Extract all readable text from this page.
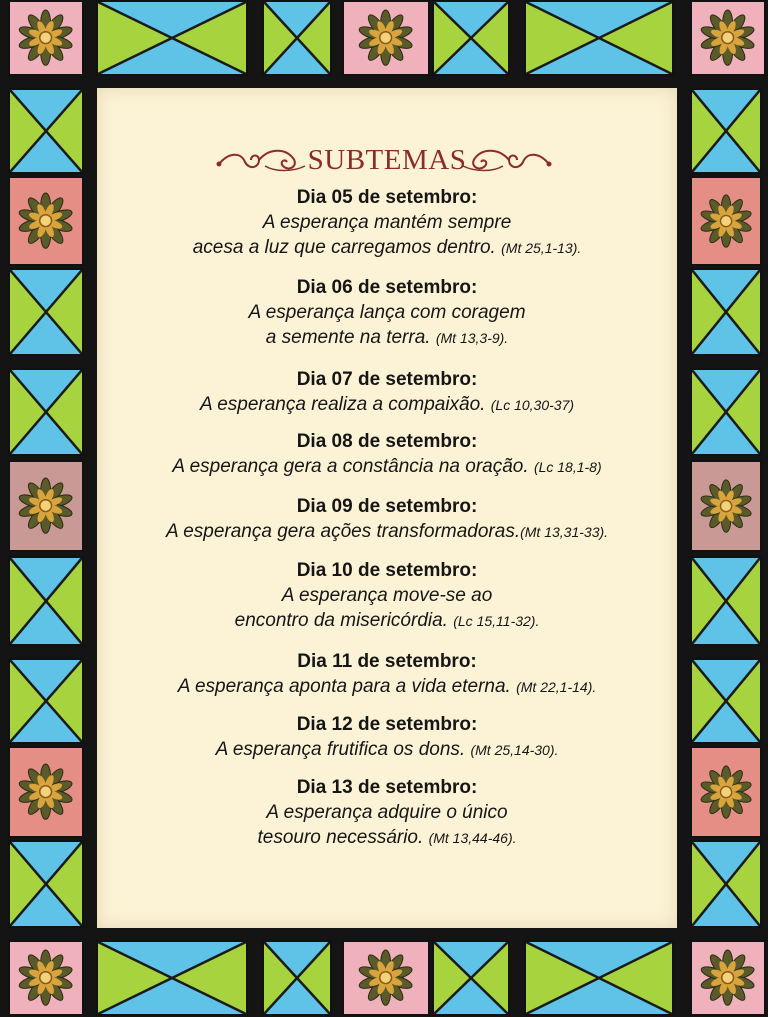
SUBTEMAS
Dia 05 de setembro:
A esperança mantém sempre
acesa a luz que carregamos dentro. (Mt 25,1-13).
Dia 06 de setembro:
A esperança lança com coragem
a semente na terra. (Mt 13,3-9).
Dia 07 de setembro:
A esperança realiza a compaixão. (Lc 10,30-37)
Dia 08 de setembro:
A esperança gera a constância na oração. (Lc 18,1-8)
Dia 09 de setembro:
A esperança gera ações transformadoras.(Mt 13,31-33).
Dia 10 de setembro:
A esperança move-se ao
encontro da misericórdia. (Lc 15,11-32).
Dia 11 de setembro:
A esperança aponta para a vida eterna. (Mt 22,1-14).
Dia 12 de setembro:
A esperança frutifica os dons. (Mt 25,14-30).
Dia 13 de setembro:
A esperança adquire o único
tesouro necessário. (Mt 13,44-46).
